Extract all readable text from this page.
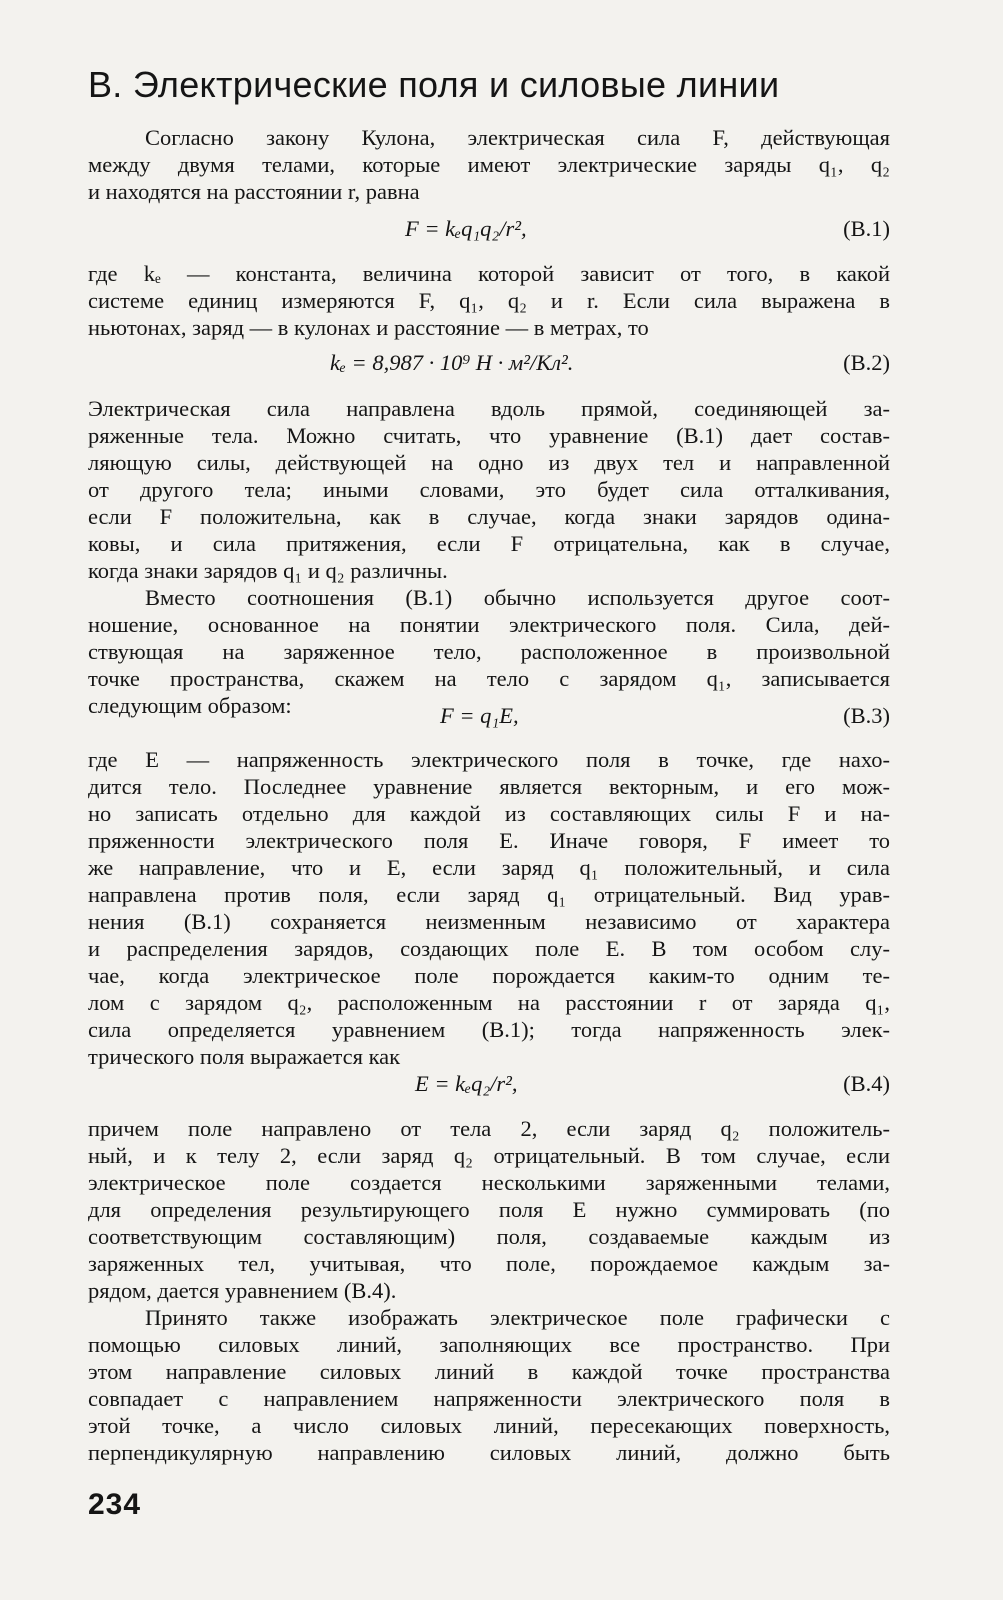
В. Электрические поля и силовые линии
Согласно закону Кулона, электрическая сила F, действующая
между двумя телами, которые имеют электрические заряды q₁, q₂
и находятся на расстоянии r, равна
F = kₑq₁q₂/r²,	(В.1)
где kₑ — константа, величина которой зависит от того, в какой
системе единиц измеряются F, q₁, q₂ и r. Если сила выражена в
ньютонах, заряд — в кулонах и расстояние — в метрах, то
kₑ = 8,987 · 10⁹ Н · м²/Кл².	(В.2)
Электрическая сила направлена вдоль прямой, соединяющей за-
ряженные тела. Можно считать, что уравнение (В.1) дает состав-
ляющую силы, действующей на одно из двух тел и направленной
от другого тела; иными словами, это будет сила отталкивания,
если F положительна, как в случае, когда знаки зарядов одина-
ковы, и сила притяжения, если F отрицательна, как в случае,
когда знаки зарядов q₁ и q₂ различны.
Вместо соотношения (В.1) обычно используется другое соот-
ношение, основанное на понятии электрического поля. Сила, дей-
ствующая на заряженное тело, расположенное в произвольной
точке пространства, скажем на тело с зарядом q₁, записывается
следующим образом:	F = q₁E,	(В.3)
где E — напряженность электрического поля в точке, где нахо-
дится тело. Последнее уравнение является векторным, и его мож-
но записать отдельно для каждой из составляющих силы F и на-
пряженности электрического поля E. Иначе говоря, F имеет то
же направление, что и E, если заряд q₁ положительный, и сила
направлена против поля, если заряд q₁ отрицательный. Вид урав-
нения (В.1) сохраняется неизменным независимо от характера
и распределения зарядов, создающих поле E. В том особом слу-
чае, когда электрическое поле порождается каким-то одним те-
лом с зарядом q₂, расположенным на расстоянии r от заряда q₁,
сила определяется уравнением (В.1); тогда напряженность элек-
трического поля выражается как
E = kₑq₂/r²,	(В.4)
причем поле направлено от тела 2, если заряд q₂ положитель-
ный, и к телу 2, если заряд q₂ отрицательный. В том случае, если
электрическое поле создается несколькими заряженными телами,
для определения результирующего поля E нужно суммировать (по
соответствующим составляющим) поля, создаваемые каждым из
заряженных тел, учитывая, что поле, порождаемое каждым за-
рядом, дается уравнением (В.4).
Принято также изображать электрическое поле графически с
помощью силовых линий, заполняющих все пространство. При
этом направление силовых линий в каждой точке пространства
совпадает с направлением напряженности электрического поля в
этой точке, а число силовых линий, пересекающих поверхность,
перпендикулярную направлению силовых линий, должно быть
234
